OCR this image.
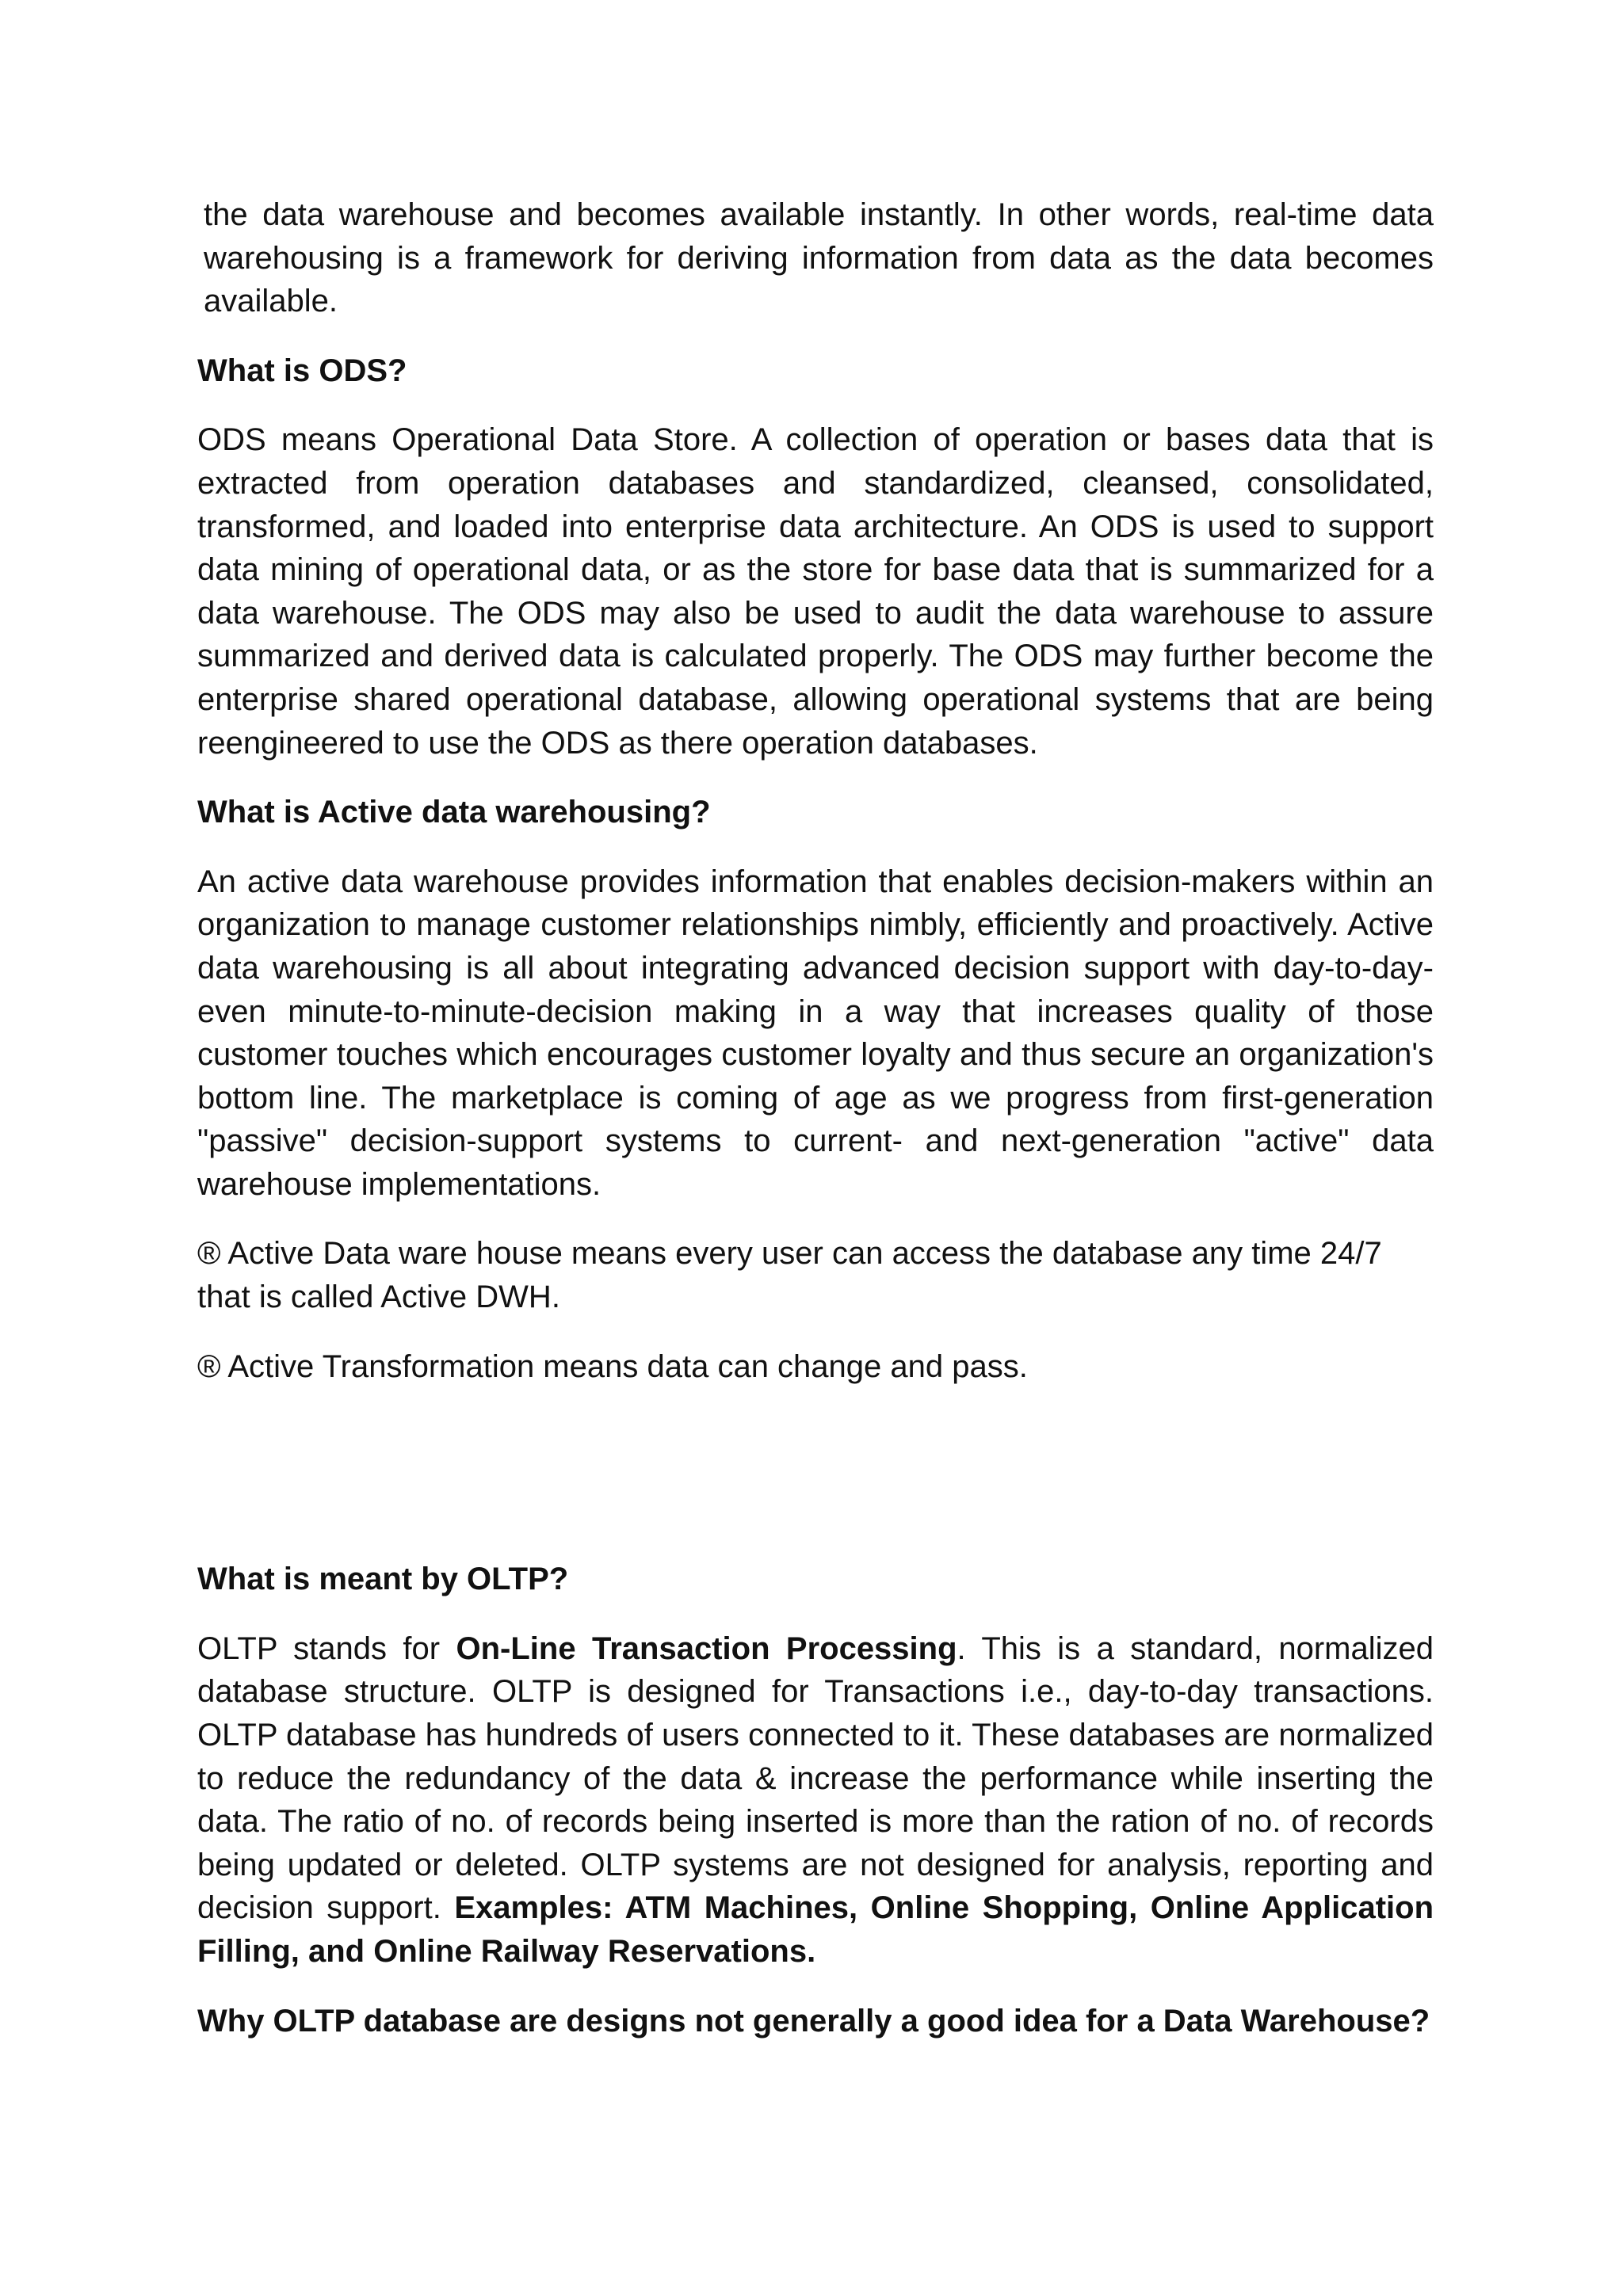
the data warehouse and becomes available instantly. In other words, real-time data warehousing is a framework for deriving information from data as the data becomes available.

What is ODS?

ODS means Operational Data Store. A collection of operation or bases data that is extracted from operation databases and standardized, cleansed, consolidated, transformed, and loaded into enterprise data architecture. An ODS is used to support data mining of operational data, or as the store for base data that is summarized for a data warehouse. The ODS may also be used to audit the data warehouse to assure summarized and derived data is calculated properly. The ODS may further become the enterprise shared operational database, allowing operational systems that are being reengineered to use the ODS as there operation databases.

What is Active data warehousing?

An active data warehouse provides information that enables decision-makers within an organization to manage customer relationships nimbly, efficiently and proactively. Active data warehousing is all about integrating advanced decision support with day-to-day-even minute-to-minute-decision making in a way that increases quality of those customer touches which encourages customer loyalty and thus secure an organization's bottom line. The marketplace is coming of age as we progress from first-generation "passive" decision-support systems to current- and next-generation "active" data warehouse implementations.

® Active Data ware house means every user can access the database any time 24/7 that is called Active DWH.

® Active Transformation means data can change and pass.

What is meant by OLTP?

OLTP stands for On-Line Transaction Processing. This is a standard, normalized database structure. OLTP is designed for Transactions i.e., day-to-day transactions. OLTP database has hundreds of users connected to it. These databases are normalized to reduce the redundancy of the data & increase the performance while inserting the data. The ratio of no. of records being inserted is more than the ration of no. of records being updated or deleted. OLTP systems are not designed for analysis, reporting and decision support. Examples: ATM Machines, Online Shopping, Online Application Filling, and Online Railway Reservations.

Why OLTP database are designs not generally a good idea for a Data Warehouse?
